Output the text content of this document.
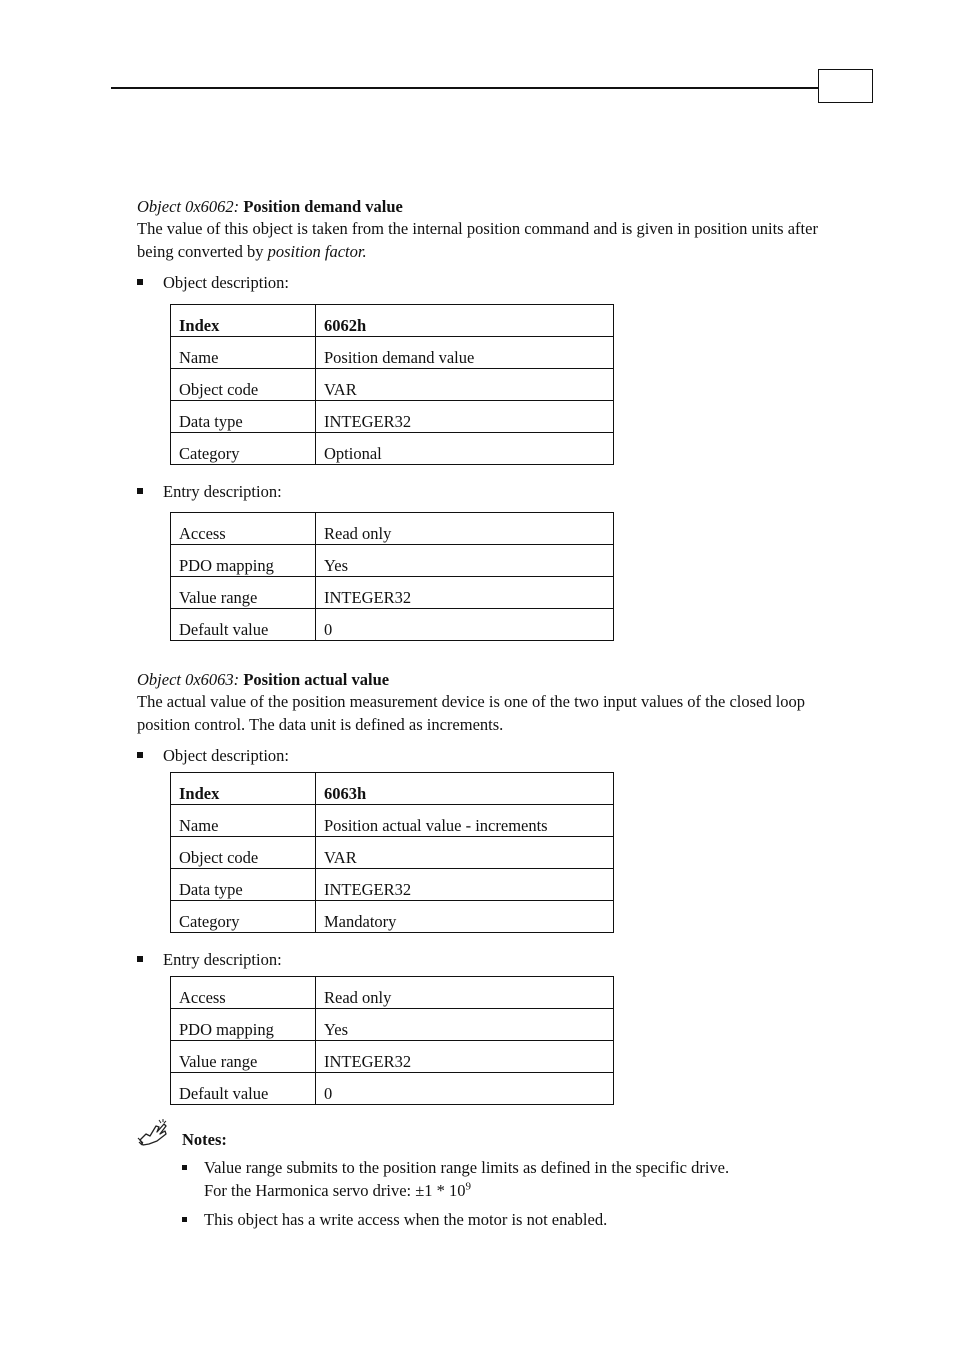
Object 0x6062: Position demand value
The value of this object is taken from the internal position command and is given in position units after being converted by position factor.
Object description:
Index	6062h
Name	Position demand value
Object code	VAR
Data type	INTEGER32
Category	Optional
Entry description:
Access	Read only
PDO mapping	Yes
Value range	INTEGER32
Default value	0
Object 0x6063: Position actual value
The actual value of the position measurement device is one of the two input values of the closed loop position control. The data unit is defined as increments.
Object description:
Index	6063h
Name	Position actual value - increments
Object code	VAR
Data type	INTEGER32
Category	Mandatory
Entry description:
Access	Read only
PDO mapping	Yes
Value range	INTEGER32
Default value	0
Notes:
Value range submits to the position range limits as defined in the specific drive.
For the Harmonica servo drive: $\pm 1 * 10^9$
This object has a write access when the motor is not enabled.
